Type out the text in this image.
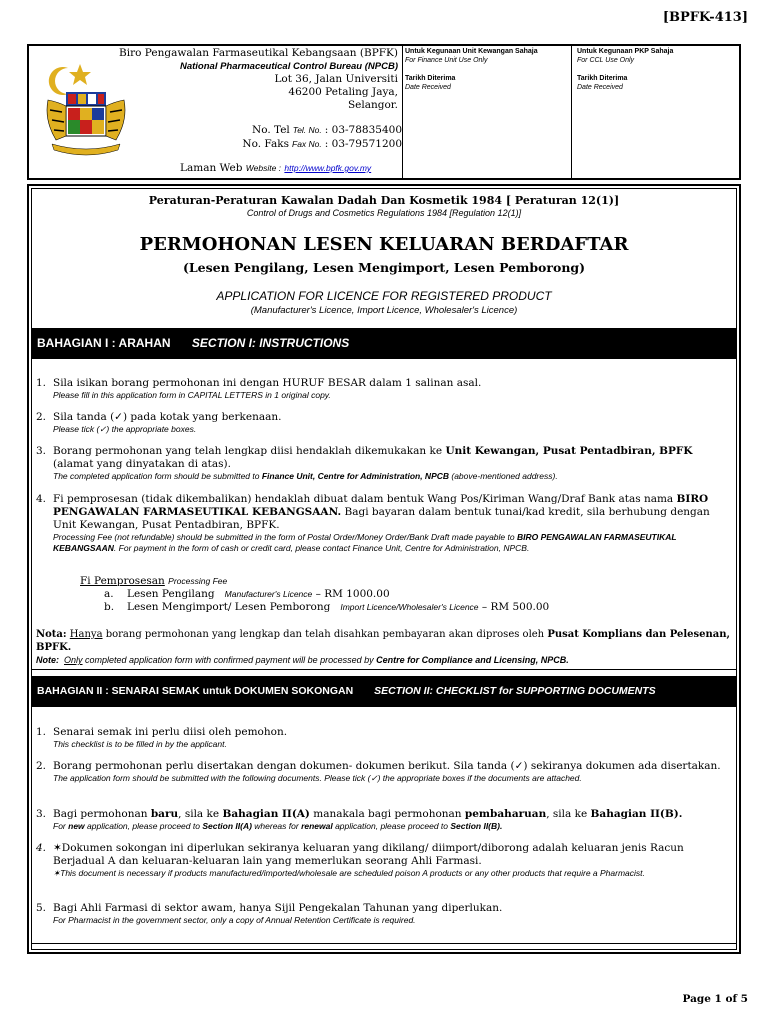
[BPFK-413]
Biro Pengawalan Farmaseutikal Kebangsaan (BPFK)
National Pharmaceutical Control Bureau (NPCB)
Lot 36, Jalan Universiti
46200 Petaling Jaya,
Selangor.
No. Tel Tel. No. : 03-78835400
No. Faks Fax No. : 03-79571200
Laman Web Website : http://www.bpfk.gov.my
Untuk Kegunaan Unit Kewangan Sahaja
For Finance Unit Use Only
Tarikh Diterima
Date Received
Untuk Kegunaan PKP Sahaja
For CCL Use Only
Tarikh Diterima
Date Received
Peraturan-Peraturan Kawalan Dadah Dan Kosmetik 1984 [ Peraturan 12(1)]
Control of Drugs and Cosmetics Regulations 1984 [Regulation 12(1)]
PERMOHONAN LESEN KELUARAN BERDAFTAR
(Lesen Pengilang, Lesen Mengimport, Lesen Pemborong)
APPLICATION FOR LICENCE FOR REGISTERED PRODUCT
(Manufacturer's Licence, Import Licence, Wholesaler's Licence)
BAHAGIAN I : ARAHAN SECTION I: INSTRUCTIONS
1. Sila isikan borang permohonan ini dengan HURUF BESAR dalam 1 salinan asal.
Please fill in this application form in CAPITAL LETTERS in 1 original copy.
2. Sila tanda (✓) pada kotak yang berkenaan.
Please tick (✓) the appropriate boxes.
3. Borang permohonan yang telah lengkap diisi hendaklah dikemukakan ke Unit Kewangan, Pusat Pentadbiran, BPFK (alamat yang dinyatakan di atas).
The completed application form should be submitted to Finance Unit, Centre for Administration, NPCB (above-mentioned address).
4. Fi pemprosesan (tidak dikembalikan) hendaklah dibuat dalam bentuk Wang Pos/Kiriman Wang/Draf Bank atas nama BIRO PENGAWALAN FARMASEUTIKAL KEBANGSAAN. Bagi bayaran dalam bentuk tunai/kad kredit, sila berhubung dengan Unit Kewangan, Pusat Pentadbiran, BPFK.
Processing Fee (not refundable) should be submitted in the form of Postal Order/Money Order/Bank Draft made payable to BIRO PENGAWALAN FARMASEUTIKAL KEBANGSAAN. For payment in the form of cash or credit card, please contact Finance Unit, Centre for Administration, NPCB.
Fi Pemprosesan Processing Fee
a.	Lesen Pengilang
Manufacturer's Licence
– RM 1000.00
b.	Lesen Mengimport/ Lesen Pemborong
Import Licence/Wholesaler's Licence
– RM 500.00
Nota: Hanya borang permohonan yang lengkap dan telah disahkan pembayaran akan diproses oleh Pusat Komplians dan Pelesenan, BPFK.
Note: Only completed application form with confirmed payment will be processed by Centre for Compliance and Licensing, NPCB.
BAHAGIAN II : SENARAI SEMAK untuk DOKUMEN SOKONGAN SECTION II: CHECKLIST for SUPPORTING DOCUMENTS
1. Senarai semak ini perlu diisi oleh pemohon.
This checklist is to be filled in by the applicant.
2. Borang permohonan perlu disertakan dengan dokumen- dokumen berikut. Sila tanda (✓) sekiranya dokumen ada disertakan.
The application form should be submitted with the following documents. Please tick (✓) the appropriate boxes if the documents are attached.
3. Bagi permohonan baru, sila ke Bahagian II(A) manakala bagi permohonan pembaharuan, sila ke Bahagian II(B).
For new application, please proceed to Section II(A) whereas for renewal application, please proceed to Section II(B).
4. ✶Dokumen sokongan ini diperlukan sekiranya keluaran yang dikilang/ diimport/diborong adalah keluaran jenis Racun Berjadual A dan keluaran-keluaran lain yang memerlukan seorang Ahli Farmasi.
✶This document is necessary if products manufactured/imported/wholesale are scheduled poison A products or any other products that require a Pharmacist.
5. Bagi Ahli Farmasi di sektor awam, hanya Sijil Pengekalan Tahunan yang diperlukan.
For Pharmacist in the government sector, only a copy of Annual Retention Certificate is required.
Page 1 of 5
